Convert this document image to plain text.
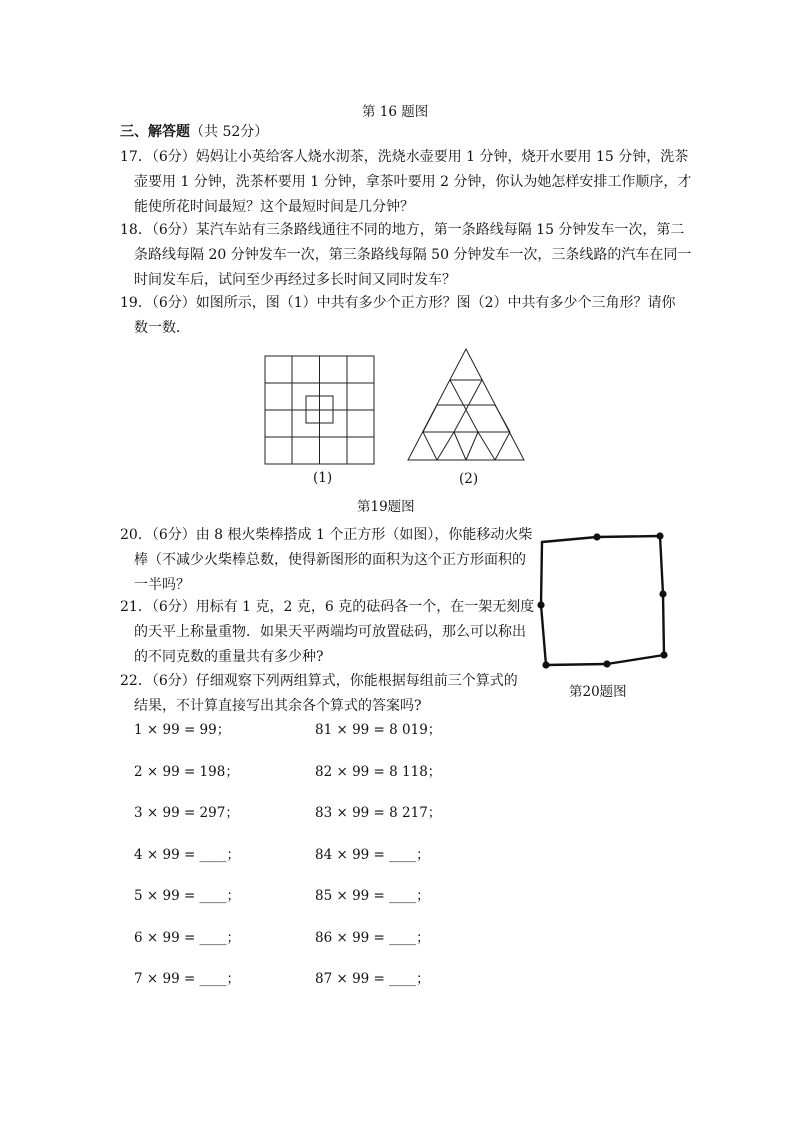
第 16 题图
三、解答题（共 52分）
17．（6分）妈妈让小英给客人烧水沏茶，洗烧水壶要用 1 分钟，烧开水要用 15 分钟，洗茶
壶要用 1 分钟，洗茶杯要用 1 分钟，拿茶叶要用 2 分钟，你认为她怎样安排工作顺序，才
能使所花时间最短？这个最短时间是几分钟？
18．（6分）某汽车站有三条路线通往不同的地方，第一条路线每隔 15 分钟发车一次，第二
条路线每隔 20 分钟发车一次，第三条路线每隔 50 分钟发车一次，三条线路的汽车在同一
时间发车后，试问至少再经过多长时间又同时发车？
19．（6分）如图所示，图（1）中共有多少个正方形？图（2）中共有多少个三角形？请你
数一数．
(1)	(2)
第19题图
20．（6分）由 8 根火柴棒搭成 1 个正方形（如图），你能移动火柴
棒（不减少火柴棒总数，使得新图形的面积为这个正方形面积的
一半吗？
21．（6分）用标有 1 克，2 克，6 克的砝码各一个，在一架无刻度
的天平上称量重物．如果天平两端均可放置砝码，那么可以称出
的不同克数的重量共有多少种?
22．（6分）仔细观察下列两组算式，你能根据每组前三个算式的
结果，不计算直接写出其余各个算式的答案吗?
第20题图
1 × 99 = 99；
2 × 99 = 198；
3 × 99 = 297；
4 × 99 = ____；
5 × 99 = ____；
6 × 99 = ____；
7 × 99 = ____；
81 × 99 = 8 019；
82 × 99 = 8 118；
83 × 99 = 8 217；
84 × 99 = ____；
85 × 99 = ____；
86 × 99 = ____；
87 × 99 = ____；
